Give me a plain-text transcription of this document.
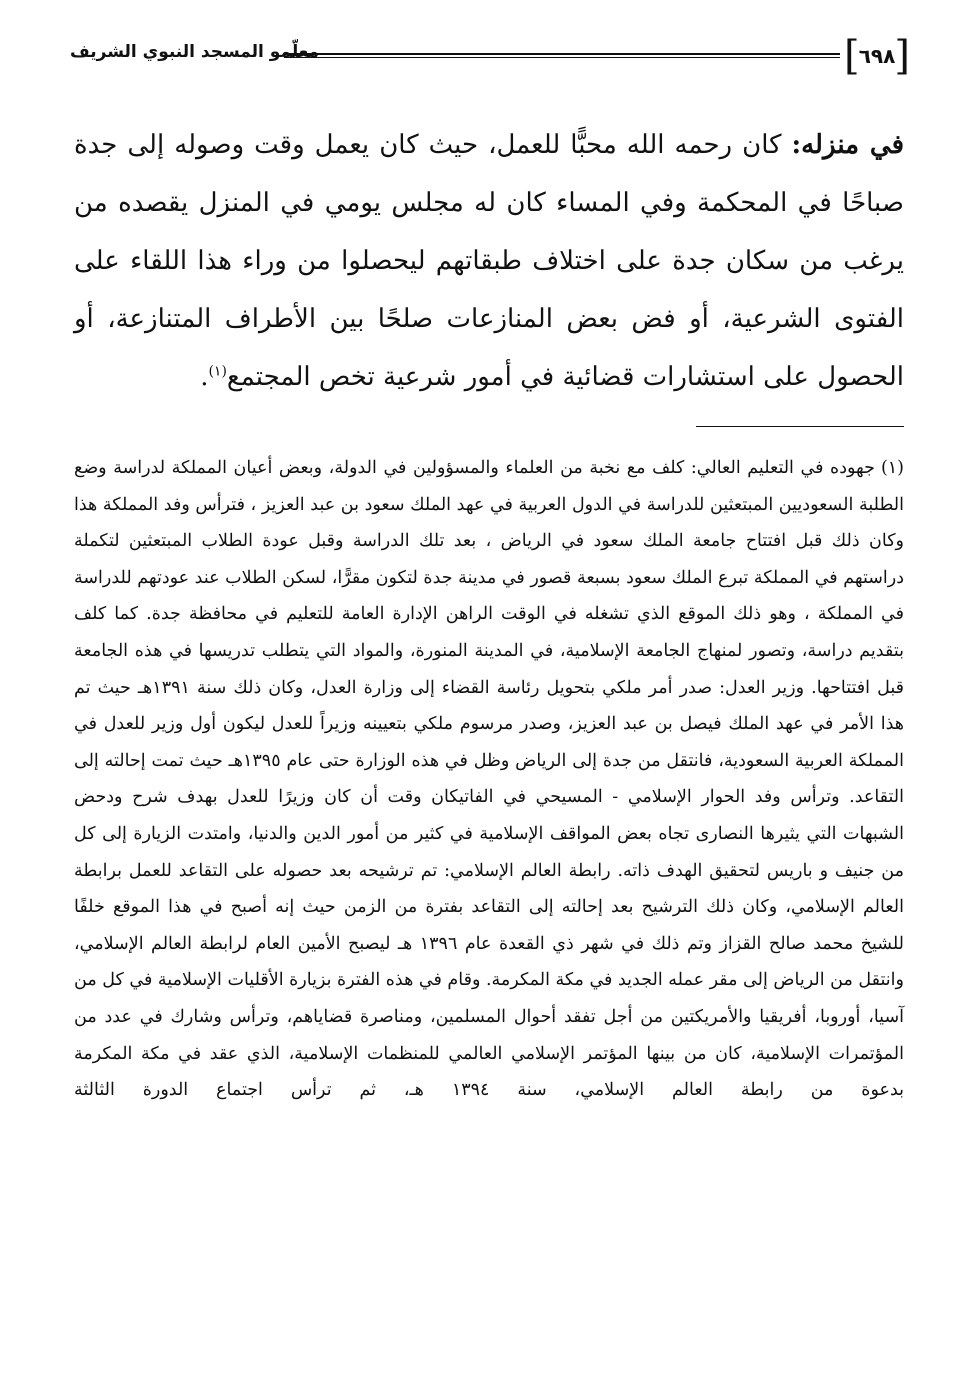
[
٦٩٨
]
معلّمو المسجد النبوي الشريف

في منزله: كان رحمه الله محبًّا للعمل، حيث كان يعمل وقت وصوله إلى جدة صباحًا في المحكمة وفي المساء كان له مجلس يومي في المنزل يقصده من يرغب من سكان جدة على اختلاف طبقاتهم ليحصلوا من وراء هذا اللقاء على الفتوى الشرعية، أو فض بعض المنازعات صلحًا بين الأطراف المتنازعة، أو الحصول على استشارات قضائية في أمور شرعية تخص المجتمع$^{(١)}$.

(١)جهوده في التعليم العالي: كلف مع نخبة من العلماء والمسؤولين في الدولة، وبعض أعيان المملكة لدراسة وضع الطلبة السعوديين المبتعثين للدراسة في الدول العربية في عهد الملك سعود بن عبد العزيز ، فترأس وفد المملكة هذا وكان ذلك قبل افتتاح جامعة الملك سعود في الرياض ، بعد تلك الدراسة وقبل عودة الطلاب المبتعثين لتكملة دراستهم في المملكة تبرع الملك سعود بسبعة قصور في مدينة جدة لتكون مقرًّا، لسكن الطلاب عند عودتهم للدراسة في المملكة ، وهو ذلك الموقع الذي تشغله في الوقت الراهن الإدارة العامة للتعليم في محافظة جدة. كما كلف بتقديم دراسة، وتصور لمنهاج الجامعة الإسلامية، في المدينة المنورة، والمواد التي يتطلب تدريسها في هذه الجامعة قبل افتتاحها. وزير العدل: صدر أمر ملكي بتحويل رئاسة القضاء إلى وزارة العدل، وكان ذلك سنة ١٣٩١هـ حيث تم هذا الأمر في عهد الملك فيصل بن عبد العزيز، وصدر مرسوم ملكي بتعيينه وزيراً للعدل ليكون أول وزير للعدل في المملكة العربية السعودية، فانتقل من جدة إلى الرياض وظل في هذه الوزارة حتى عام ١٣٩٥هـ حيث تمت إحالته إلى التقاعد. وترأس وفد الحوار الإسلامي - المسيحي في الفاتيكان وقت أن كان وزيرًا للعدل بهدف شرح ودحض الشبهات التي يثيرها النصارى تجاه بعض المواقف الإسلامية في كثير من أمور الدين والدنيا، وامتدت الزيارة إلى كل من جنيف و باريس لتحقيق الهدف ذاته. رابطة العالم الإسلامي: تم ترشيحه بعد حصوله على التقاعد للعمل برابطة العالم الإسلامي، وكان ذلك الترشيح بعد إحالته إلى التقاعد بفترة من الزمن حيث إنه أصبح في هذا الموقع خلفًا للشيخ محمد صالح القزاز وتم ذلك في شهر ذي القعدة عام ١٣٩٦ هـ ليصبح الأمين العام لرابطة العالم الإسلامي، وانتقل من الرياض إلى مقر عمله الجديد في مكة المكرمة. وقام في هذه الفترة بزيارة الأقليات الإسلامية في كل من آسيا، أوروبا، أفريقيا والأمريكتين من أجل تفقد أحوال المسلمين، ومناصرة قضاياهم، وترأس وشارك في عدد من المؤتمرات الإسلامية، كان من بينها المؤتمر الإسلامي العالمي للمنظمات الإسلامية، الذي عقد في مكة المكرمة بدعوة من رابطة العالم الإسلامي، سنة ١٣٩٤ هـ، ثم ترأس اجتماع الدورة الثالثة
